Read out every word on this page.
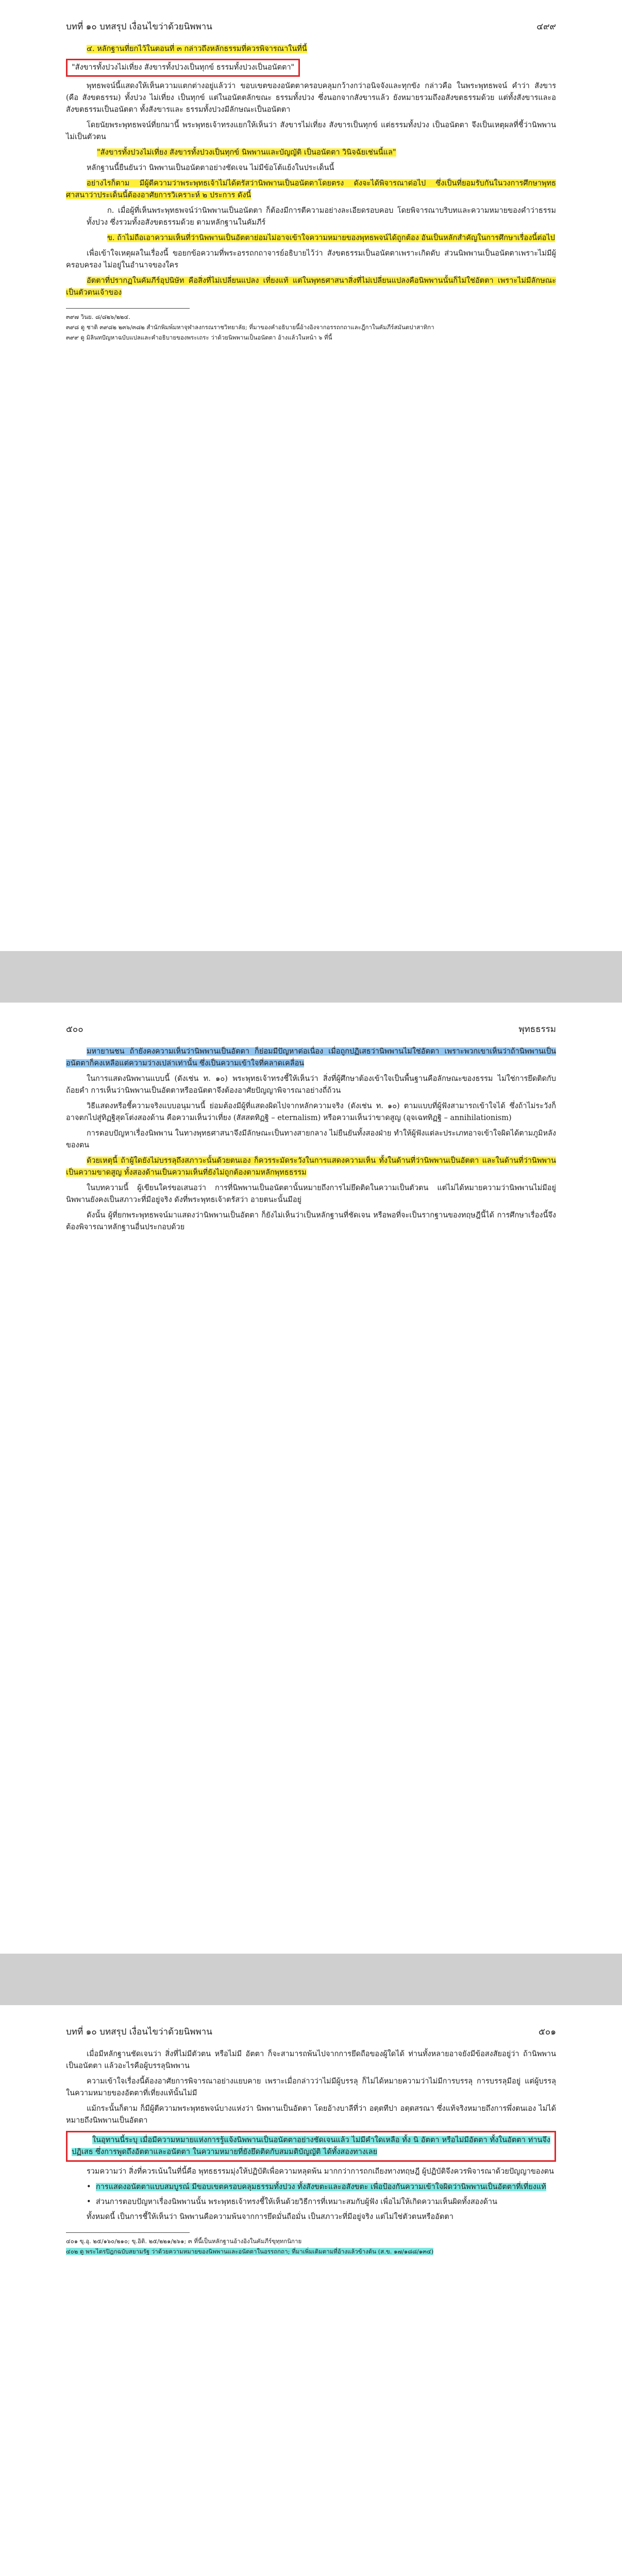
บทที่ ๑๐ บทสรุป เงื่อนไขว่าด้วยนิพพาน	๔๙๙

๔. หลักฐานที่ยกไว้ในตอนที่ ๓ กล่าวถึงหลักธรรมที่ควรพิจารณาในที่นี้

"สังขารทั้งปวงไม่เที่ยง สังขารทั้งปวงเป็นทุกข์ ธรรมทั้งปวงเป็นอนัตตา"

พุทธพจน์นี้แสดงให้เห็นความแตกต่างอยู่แล้วว่า ขอบเขตของอนัตตาครอบคลุมกว้างกว่าอนิจจังและทุกขัง กล่าวคือ ในพระพุทธพจน์ คำว่า สังขาร (คือ สังขตธรรม) ทั้งปวง ไม่เที่ยง เป็นทุกข์ แต่ในอนัตตลักขณะ ธรรมทั้งปวง ซึ่งนอกจากสังขารแล้ว ยังหมายรวมถึงอสังขตธรรมด้วย แต่ทั้งสังขารและอสังขตธรรมเป็นอนัตตา ทั้งสังขารและ ธรรมทั้งปวงมีลักษณะเป็นอนัตตา

โดยนัยพระพุทธพจน์ที่ยกมานี้ พระพุทธเจ้าทรงแยกให้เห็นว่า สังขารไม่เที่ยง สังขารเป็นทุกข์ แต่ธรรมทั้งปวง เป็นอนัตตา จึงเป็นเหตุผลที่ชี้ว่านิพพานไม่เป็นตัวตน

"สังขารทั้งปวงไม่เที่ยง สังขารทั้งปวงเป็นทุกข์ นิพพานและบัญญัติ เป็นอนัตตา วินิจฉัยเช่นนี้แล"

หลักฐานนี้ยืนยันว่า นิพพานเป็นอนัตตาอย่างชัดเจน ไม่มีข้อโต้แย้งในประเด็นนี้

อย่างไรก็ตาม มีผู้ตีความว่าพระพุทธเจ้าไม่ได้ตรัสว่านิพพานเป็นอนัตตาโดยตรง ดังจะได้พิจารณาต่อไป ซึ่งเป็นที่ยอมรับกันในวงการศึกษาพุทธศาสนาว่าประเด็นนี้ต้องอาศัยการวิเคราะห์ ๒ ประการ ดังนี้

ก. เมื่อผู้ที่เห็นพระพุทธพจน์ว่านิพพานเป็นอนัตตา ก็ต้องมีการตีความอย่างละเอียดรอบคอบ โดยพิจารณาบริบทและความหมายของคำว่าธรรมทั้งปวง ซึ่งรวมทั้งอสังขตธรรมด้วย ตามหลักฐานในคัมภีร์

ข. ถ้าไม่ถือเอาความเห็นที่ว่านิพพานเป็นอัตตาย่อมไม่อาจเข้าใจความหมายของพุทธพจน์ได้ถูกต้อง อันเป็นหลักสำคัญในการศึกษาเรื่องนี้ต่อไป

เพื่อเข้าใจเหตุผลในเรื่องนี้ ขอยกข้อความที่พระอรรถกถาจารย์อธิบายไว้ว่า สังขตธรรมเป็นอนัตตาเพราะเกิดดับ ส่วนนิพพานเป็นอนัตตาเพราะไม่มีผู้ครอบครอง ไม่อยู่ในอำนาจของใคร

อัตตาที่ปรากฏในคัมภีร์อุปนิษัท คือสิ่งที่ไม่เปลี่ยนแปลง เที่ยงแท้ แต่ในพุทธศาสนาสิ่งที่ไม่เปลี่ยนแปลงคือนิพพานนั้นก็ไม่ใช่อัตตา เพราะไม่มีลักษณะเป็นตัวตนเจ้าของ

๓๙๗ วินย. ๘/๘๒๖/๒๒๔.
๓๙๘ ดู ชาติ ๓๙๘๒ ๒๓๖/๓๘๒ สำนักพิมพ์มหาจุฬาลงกรณราชวิทยาลัย; ที่มาของคำอธิบายนี้อ้างอิงจากอรรถกถาและฎีกาในคัมภีร์สมันตปาสาทิกา
๓๙๙ ดู มิลินทปัญหาฉบับแปลและคำอธิบายของพระเถระ ว่าด้วยนิพพานเป็นอนัตตา อ้างแล้วในหน้า ๖ ที่นี้
๕๐๐	พุทธธรรม

มหายานชน ถ้ายังคงความเห็นว่านิพพานเป็นอัตตา ก็ย่อมมีปัญหาต่อเนื่อง เมื่อถูกปฏิเสธว่านิพพานไม่ใช่อัตตา เพราะพวกเขาเห็นว่าถ้านิพพานเป็นอนัตตาก็คงเหลือแต่ความว่างเปล่าเท่านั้น ซึ่งเป็นความเข้าใจที่คลาดเคลื่อน

ในการแสดงนิพพานแบบนี้ (ดังเช่น ท. ๑๐) พระพุทธเจ้าทรงชี้ให้เห็นว่า สิ่งที่ผู้ศึกษาต้องเข้าใจเป็นพื้นฐานคือลักษณะของธรรม ไม่ใช่การยึดติดกับถ้อยคำ การเห็นว่านิพพานเป็นอัตตาหรืออนัตตาจึงต้องอาศัยปัญญาพิจารณาอย่างถี่ถ้วน

วิธีแสดงหรือชี้ความจริงแบบอนุมานนี้ ย่อมต้องมีผู้ที่แสดงผิดไปจากหลักความจริง (ดังเช่น ท. ๑๐) ตามแบบที่ผู้ฟังสามารถเข้าใจได้ ซึ่งถ้าไม่ระวังก็อาจตกไปสู่ทิฏฐิสุดโต่งสองด้าน คือความเห็นว่าเที่ยง (สัสสตทิฏฐิ – eternalism) หรือความเห็นว่าขาดสูญ (อุจเฉททิฏฐิ – annihilationism)

การตอบปัญหาเรื่องนิพพาน ในทางพุทธศาสนาจึงมีลักษณะเป็นทางสายกลาง ไม่ยืนยันทั้งสองฝ่าย ทำให้ผู้ฟังแต่ละประเภทอาจเข้าใจผิดได้ตามภูมิหลังของตน

ด้วยเหตุนี้ ถ้าผู้ใดยังไม่บรรลุถึงสภาวะนั้นด้วยตนเอง ก็ควรระมัดระวังในการแสดงความเห็น ทั้งในด้านที่ว่านิพพานเป็นอัตตา และในด้านที่ว่านิพพานเป็นความขาดสูญ ทั้งสองด้านเป็นความเห็นที่ยังไม่ถูกต้องตามหลักพุทธธรรม

ในบทความนี้ ผู้เขียนใคร่ขอเสนอว่า การที่นิพพานเป็นอนัตตานั้นหมายถึงการไม่ยึดติดในความเป็นตัวตน แต่ไม่ได้หมายความว่านิพพานไม่มีอยู่ นิพพานยังคงเป็นสภาวะที่มีอยู่จริง ดังที่พระพุทธเจ้าตรัสว่า อายตนะนั้นมีอยู่

ดังนั้น ผู้ที่ยกพระพุทธพจน์มาแสดงว่านิพพานเป็นอัตตา ก็ยังไม่เห็นว่าเป็นหลักฐานที่ชัดเจน หรือพอที่จะเป็นรากฐานของทฤษฎีนี้ได้ การศึกษาเรื่องนี้จึงต้องพิจารณาหลักฐานอื่นประกอบด้วย

บทที่ ๑๐ บทสรุป เงื่อนไขว่าด้วยนิพพาน	๕๐๑

เมื่อมีหลักฐานชัดเจนว่า สิ่งที่ไม่มีตัวตน หรือไม่มี อัตตา ก็จะสามารถพ้นไปจากการยึดถือของผู้ใดได้ ท่านทั้งหลายอาจยังมีข้อสงสัยอยู่ว่า ถ้านิพพานเป็นอนัตตา แล้วอะไรคือผู้บรรลุนิพพาน

ความเข้าใจเรื่องนี้ต้องอาศัยการพิจารณาอย่างแยบคาย เพราะเมื่อกล่าวว่าไม่มีผู้บรรลุ ก็ไม่ได้หมายความว่าไม่มีการบรรลุ การบรรลุมีอยู่ แต่ผู้บรรลุในความหมายของอัตตาที่เที่ยงแท้นั้นไม่มี

แม้กระนั้นก็ตาม ก็มีผู้ตีความพระพุทธพจน์บางแห่งว่า นิพพานเป็นอัตตา โดยอ้างบาลีที่ว่า อตฺตทีปา อตฺตสรณา ซึ่งแท้จริงหมายถึงการพึ่งตนเอง ไม่ได้หมายถึงนิพพานเป็นอัตตา

ในอุทานนี้ระบุ เมื่อมีความหมายแห่งการรู้แจ้งนิพพานเป็นอนัตตาอย่างชัดเจนแล้ว ไม่มีคำใดเหลือ ทั้ง นิ อัตตา หรือไม่มีอัตตา ทั้งในอัตตา ท่านจึงปฏิเสธ ซึ่งการพูดถึงอัตตาและอนัตตา ในความหมายที่ยังยึดติดกับสมมติบัญญัติ ได้ทั้งสองทางเลย

รวมความว่า สิ่งที่ควรเน้นในที่นี้คือ พุทธธรรมมุ่งให้ปฏิบัติเพื่อความหลุดพ้น มากกว่าการถกเถียงทางทฤษฎี ผู้ปฏิบัติจึงควรพิจารณาด้วยปัญญาของตน

• การแสดงอนัตตาแบบสมบูรณ์ มีขอบเขตครอบคลุมธรรมทั้งปวง ทั้งสังขตะและอสังขตะ เพื่อป้องกันความเข้าใจผิดว่านิพพานเป็นอัตตาที่เที่ยงแท้
• ส่วนการตอบปัญหาเรื่องนิพพานนั้น พระพุทธเจ้าทรงชี้ให้เห็นด้วยวิธีการที่เหมาะสมกับผู้ฟัง เพื่อไม่ให้เกิดความเห็นผิดทั้งสองด้าน

ทั้งหมดนี้ เป็นการชี้ให้เห็นว่า นิพพานคือความพ้นจากการยึดมั่นถือมั่น เป็นสภาวะที่มีอยู่จริง แต่ไม่ใช่ตัวตนหรืออัตตา

๔๐๑ ขุ.อุ. ๒๕/๑๖๐/๒๑๐; ขุ.อิติ. ๒๕/๒๒๑/๒๖๑; ๓ ที่นี้เป็นหลักฐานอ้างอิงในคัมภีร์ขุทฺทกนิกาย
๔๐๒ ดู พระไตรปิฎกฉบับสยามรัฐ ว่าด้วยความหมายของนิพพานและอนัตตาในอรรถกถา; ที่มาเพิ่มเติมตามที่อ้างแล้วข้างต้น (ส.ข. ๑๗/๑๘๘/๑๓๔)
